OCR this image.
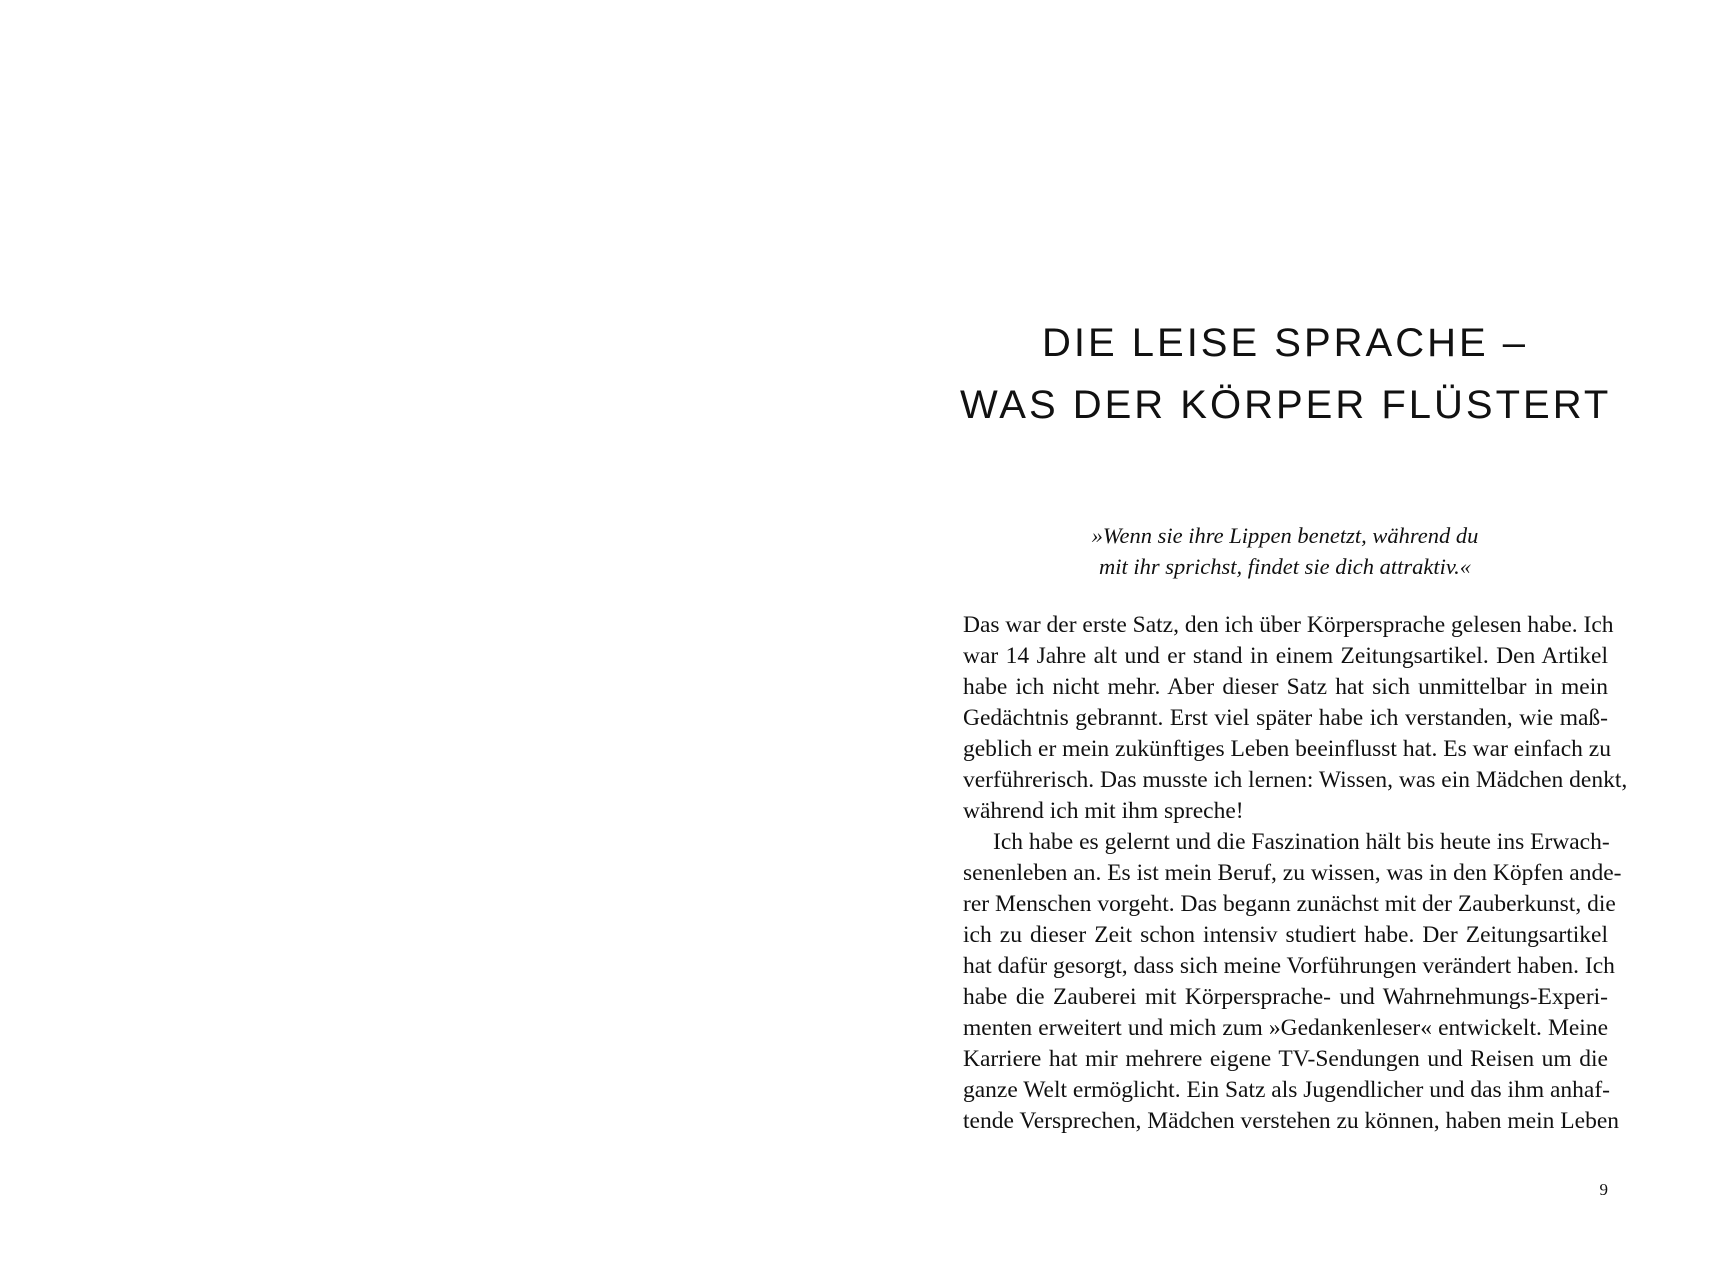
DIE LEISE SPRACHE –
WAS DER KÖRPER FLÜSTERT

»Wenn sie ihre Lippen benetzt, während du
mit ihr sprichst, findet sie dich attraktiv.«

Das war der erste Satz, den ich über Körpersprache gelesen habe. Ich
war 14 Jahre alt und er stand in einem Zeitungsartikel. Den Artikel
habe ich nicht mehr. Aber dieser Satz hat sich unmittelbar in mein
Gedächtnis gebrannt. Erst viel später habe ich verstanden, wie maß-
geblich er mein zukünftiges Leben beeinflusst hat. Es war einfach zu
verführerisch. Das musste ich lernen: Wissen, was ein Mädchen denkt,
während ich mit ihm spreche!
Ich habe es gelernt und die Faszination hält bis heute ins Erwach-
senenleben an. Es ist mein Beruf, zu wissen, was in den Köpfen ande-
rer Menschen vorgeht. Das begann zunächst mit der Zauberkunst, die
ich zu dieser Zeit schon intensiv studiert habe. Der Zeitungsartikel
hat dafür gesorgt, dass sich meine Vorführungen verändert haben. Ich
habe die Zauberei mit Körpersprache- und Wahrnehmungs-Experi-
menten erweitert und mich zum »Gedankenleser« entwickelt. Meine
Karriere hat mir mehrere eigene TV-Sendungen und Reisen um die
ganze Welt ermöglicht. Ein Satz als Jugendlicher und das ihm anhaf-
tende Versprechen, Mädchen verstehen zu können, haben mein Leben
9
